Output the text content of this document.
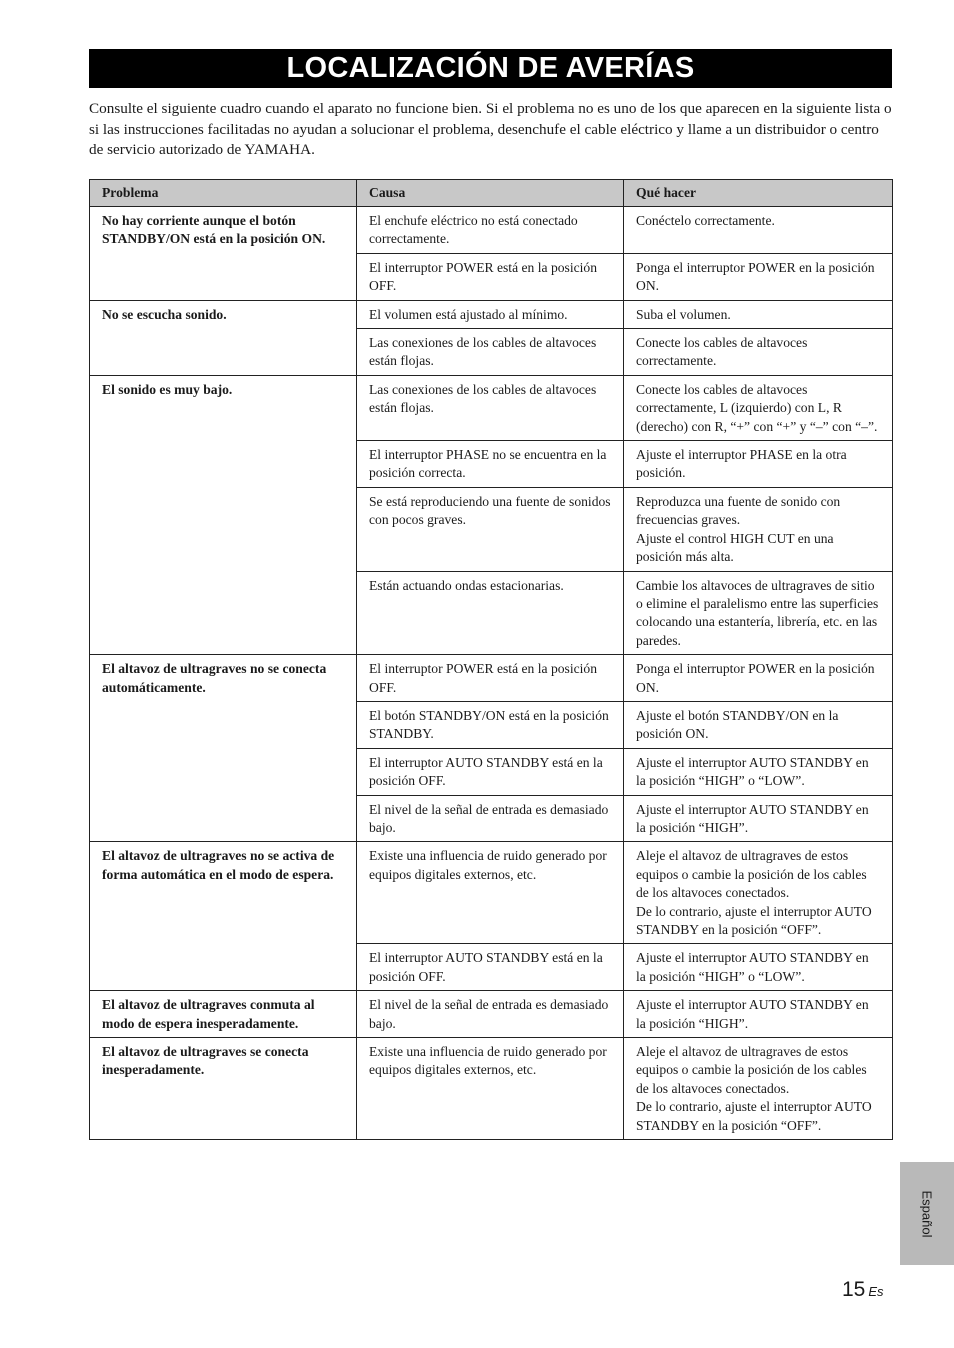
LOCALIZACIÓN DE AVERÍAS

Consulte el siguiente cuadro cuando el aparato no funcione bien. Si el problema no es uno de los que aparecen en la siguiente lista o si las instrucciones facilitadas no ayudan a solucionar el problema, desenchufe el cable eléctrico y llame a un distribuidor o centro de servicio autorizado de YAMAHA.

Problema	Causa	Qué hacer
No hay corriente aunque el botón STANDBY/ON está en la posición ON.	El enchufe eléctrico no está conectado correctamente.	Conéctelo correctamente.
	El interruptor POWER está en la posición OFF.	Ponga el interruptor POWER en la posición ON.
No se escucha sonido.	El volumen está ajustado al mínimo.	Suba el volumen.
	Las conexiones de los cables de altavoces están flojas.	Conecte los cables de altavoces correctamente.
El sonido es muy bajo.	Las conexiones de los cables de altavoces están flojas.	Conecte los cables de altavoces correctamente, L (izquierdo) con L, R (derecho) con R, “+” con “+” y “–” con “–”.
	El interruptor PHASE no se encuentra en la posición correcta.	Ajuste el interruptor PHASE en la otra posición.
	Se está reproduciendo una fuente de sonidos con pocos graves.	Reproduzca una fuente de sonido con frecuencias graves.
Ajuste el control HIGH CUT en una posición más alta.
	Están actuando ondas estacionarias.	Cambie los altavoces de ultragraves de sitio o elimine el paralelismo entre las superficies colocando una estantería, librería, etc. en las paredes.
El altavoz de ultragraves no se conecta automáticamente.	El interruptor POWER está en la posición OFF.	Ponga el interruptor POWER en la posición ON.
	El botón STANDBY/ON está en la posición STANDBY.	Ajuste el botón STANDBY/ON en la posición ON.
	El interruptor AUTO STANDBY está en la posición OFF.	Ajuste el interruptor AUTO STANDBY en la posición “HIGH” o “LOW”.
	El nivel de la señal de entrada es demasiado bajo.	Ajuste el interruptor AUTO STANDBY en la posición “HIGH”.
El altavoz de ultragraves no se activa de forma automática en el modo de espera.	Existe una influencia de ruido generado por equipos digitales externos, etc.	Aleje el altavoz de ultragraves de estos equipos o cambie la posición de los cables de los altavoces conectados.
De lo contrario, ajuste el interruptor AUTO STANDBY en la posición “OFF”.
	El interruptor AUTO STANDBY está en la posición OFF.	Ajuste el interruptor AUTO STANDBY en la posición “HIGH” o “LOW”.
El altavoz de ultragraves conmuta al modo de espera inesperadamente.	El nivel de la señal de entrada es demasiado bajo.	Ajuste el interruptor AUTO STANDBY en la posición “HIGH”.
El altavoz de ultragraves se conecta inesperadamente.	Existe una influencia de ruido generado por equipos digitales externos, etc.	Aleje el altavoz de ultragraves de estos equipos o cambie la posición de los cables de los altavoces conectados.
De lo contrario, ajuste el interruptor AUTO STANDBY en la posición “OFF”.
Español
15 Es
